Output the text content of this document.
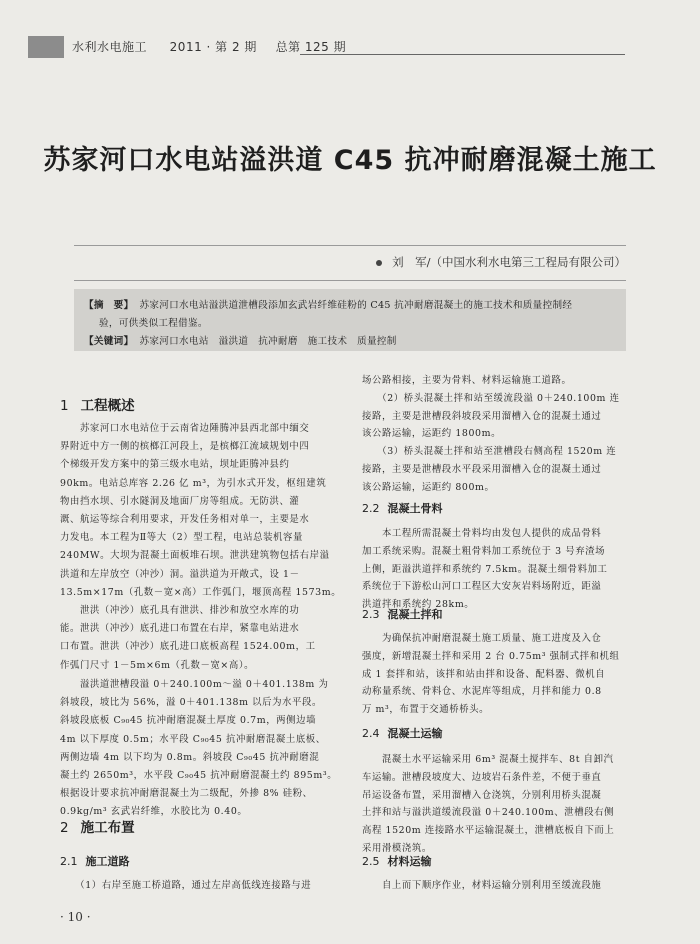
水利水电施工 2011 · 第 2 期 总第 125 期
苏家河口水电站溢洪道 C45 抗冲耐磨混凝土施工
刘　军/（中国水利水电第三工程局有限公司）
【摘　要】 苏家河口水电站溢洪道泄槽段添加玄武岩纤维硅粉的 C45 抗冲耐磨混凝土的施工技术和质量控制经
验，可供类似工程借鉴。
【关键词】 苏家河口水电站　溢洪道　抗冲耐磨　施工技术　质量控制
1 工程概述
　　苏家河口水电站位于云南省边陲腾冲县西北部中缅交
界附近中方一侧的槟榔江河段上，是槟榔江流域规划中四
个梯级开发方案中的第三级水电站，坝址距腾冲县约
90km。电站总库容 2.26 亿 m³，为引水式开发，枢纽建筑
物由挡水坝、引水隧洞及地面厂房等组成。无防洪、灌
溉、航运等综合利用要求，开发任务相对单一，主要是水
力发电。本工程为Ⅱ等大（2）型工程，电站总装机容量
240MW。大坝为混凝土面板堆石坝。泄洪建筑物包括右岸溢
洪道和左岸放空（冲沙）洞。溢洪道为开敞式，设 1－
13.5m×17m（孔数－宽×高）工作弧门，堰顶高程 1573m。
　　泄洪（冲沙）底孔具有泄洪、排沙和放空水库的功
能。泄洪（冲沙）底孔进口布置在右岸，紧靠电站进水
口布置。泄洪（冲沙）底孔进口底板高程 1524.00m，工
作弧门尺寸 1－5m×6m（孔数－宽×高）。
　　溢洪道泄槽段溢 0＋240.100m～溢 0＋401.138m 为
斜坡段，坡比为 56%，溢 0＋401.138m 以后为水平段。
斜坡段底板 C₉₀45 抗冲耐磨混凝土厚度 0.7m，两侧边墙
4m 以下厚度 0.5m；水平段 C₉₀45 抗冲耐磨混凝土底板、
两侧边墙 4m 以下均为 0.8m。斜坡段 C₉₀45 抗冲耐磨混
凝土约 2650m³，水平段 C₉₀45 抗冲耐磨混凝土约 895m³。
根据设计要求抗冲耐磨混凝土为二级配，外掺 8% 硅粉、
0.9kg/m³ 玄武岩纤维，水胶比为 0.40。
2 施工布置
2.1 施工道路
　　（1）右岸至施工桥道路，通过左岸高低线连接路与进
场公路相接，主要为骨料、材料运输施工道路。
　　（2）桥头混凝土拌和站至缓流段溢 0＋240.100m 连
接路，主要是泄槽段斜坡段采用溜槽入仓的混凝土通过
该公路运输，运距约 1800m。
　　（3）桥头混凝土拌和站至泄槽段右侧高程 1520m 连
接路，主要是泄槽段水平段采用溜槽入仓的混凝土通过
该公路运输，运距约 800m。
2.2 混凝土骨料
　　本工程所需混凝土骨料均由发包人提供的成品骨料
加工系统采购。混凝土粗骨料加工系统位于 3 号弃渣场
上侧，距溢洪道拌和系统约 7.5km。混凝土细骨料加工
系统位于下游松山河口工程区大安灰岩料场附近，距溢
洪道拌和系统约 28km。
2.3 混凝土拌和
　　为确保抗冲耐磨混凝土施工质量、施工进度及入仓
强度，新增混凝土拌和采用 2 台 0.75m³ 强制式拌和机组
成 1 套拌和站，该拌和站由拌和设备、配料器、微机自
动称量系统、骨料仓、水泥库等组成，月拌和能力 0.8
万 m³，布置于交通桥桥头。
2.4 混凝土运输
　　混凝土水平运输采用 6m³ 混凝土搅拌车、8t 自卸汽
车运输。泄槽段坡度大、边坡岩石条件差，不便于垂直
吊运设备布置，采用溜槽入仓浇筑，分别利用桥头混凝
土拌和站与溢洪道缓流段溢 0＋240.100m、泄槽段右侧
高程 1520m 连接路水平运输混凝土，泄槽底板自下而上
采用滑模浇筑。
2.5 材料运输
　　自上而下顺序作业，材料运输分别利用至缓流段施
· 10 ·
